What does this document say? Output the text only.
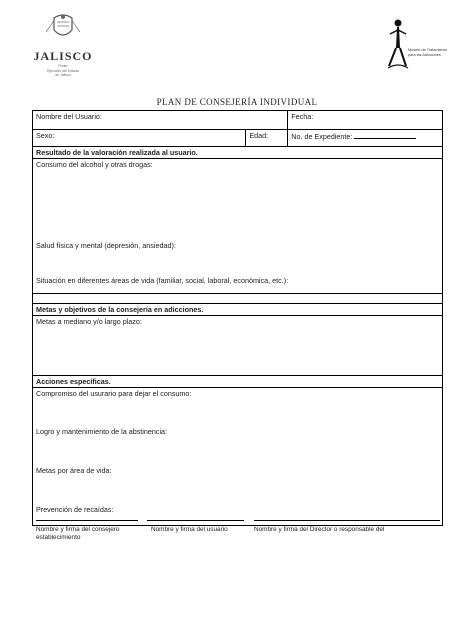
JALISCO
Poder
Ejecutivo del Estado
de Jalisco
Modelo de Tratamiento
para las Adicciones
PLAN DE CONSEJERÍA INDIVIDUAL
Nombre del Usuario:		Fecha:
Sexo:	Edad:	No. de Expediente:
Resultado de la valoración realizada al usuario.		

Consumo del alcohol y otras drogas:
Salud física y mental (depresión, ansiedad):
Situación en diferentes áreas de vida (familiar, social, laboral, económica, etc.):		

Metas y objetivos de la consejería en adicciones.		
Metas a mediano y/o largo plazo:		
Acciones específicas.		

Compromiso del usurario para dejar el consumo:
Logro y mantenimiento de la abstinencia:
Metas por área de vida:
Prevención de recaídas:		
Nombre y firma del consejero
establecimiento
Nombre y firma del usuario	Nombre y firma del Director o responsable del
